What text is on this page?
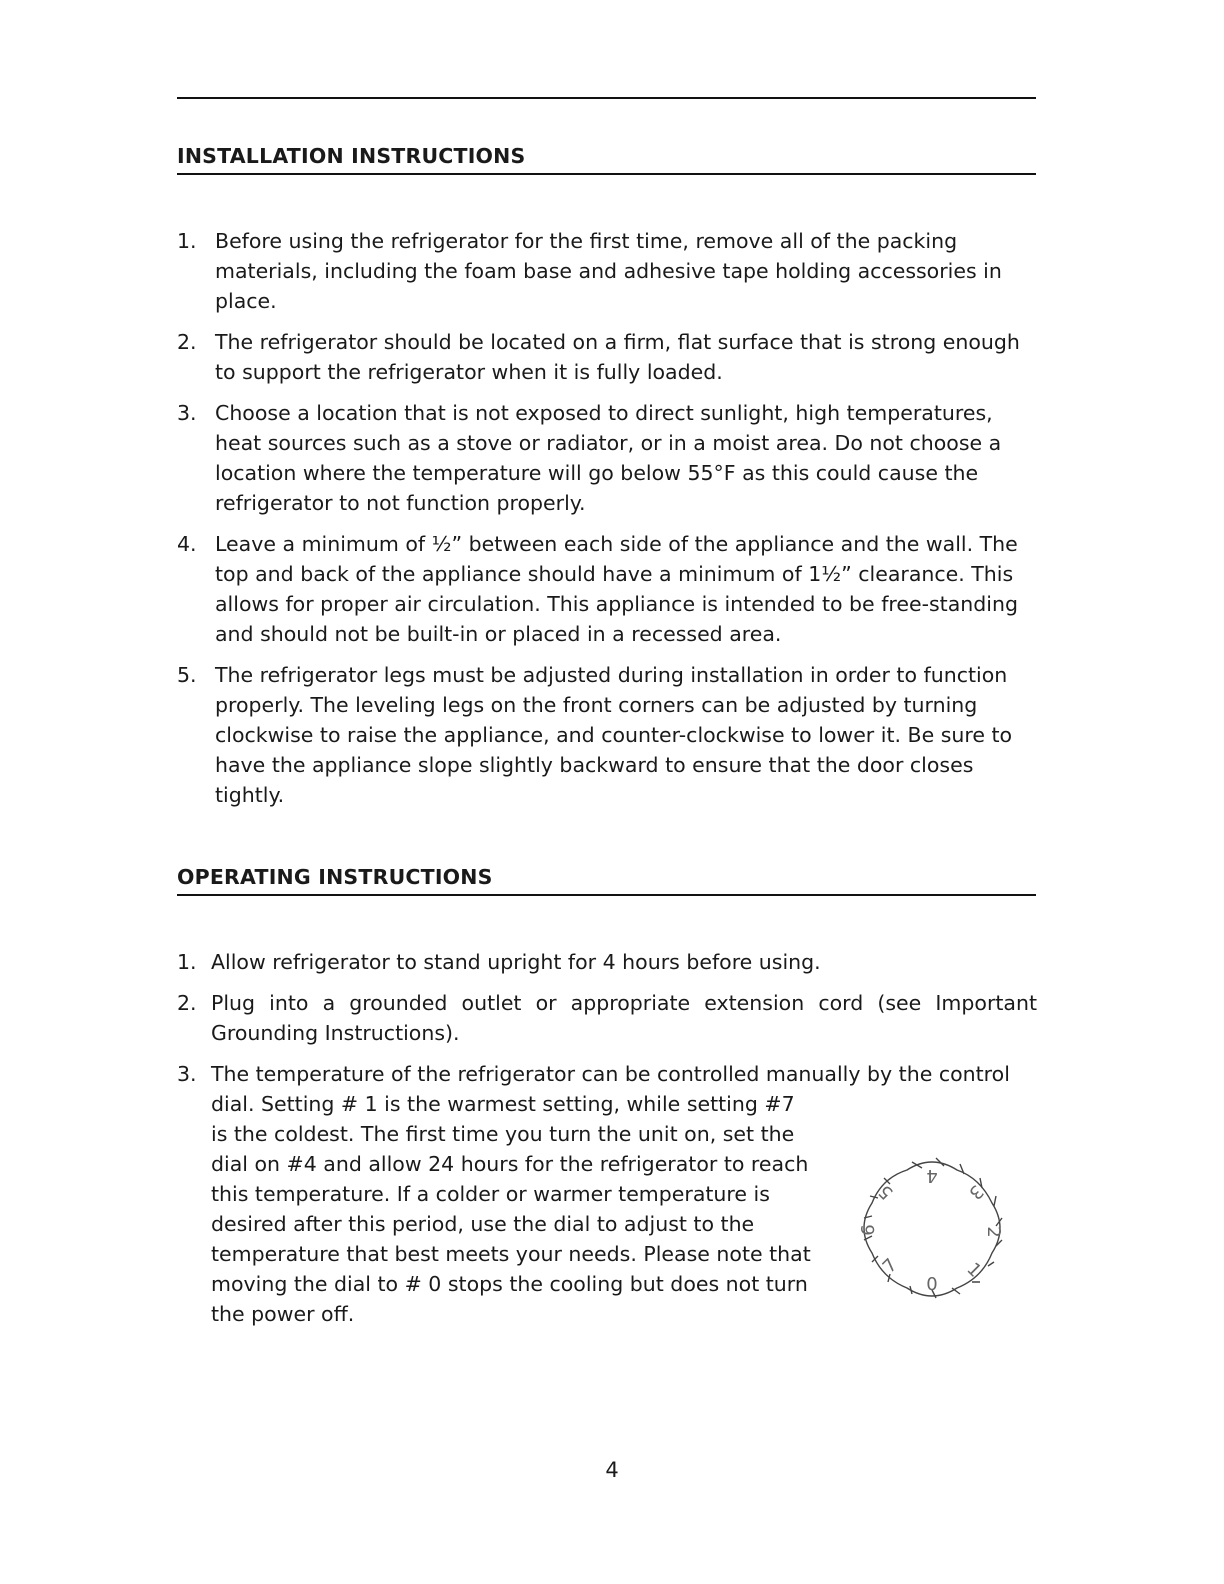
INSTALLATION INSTRUCTIONS
1. Before using the refrigerator for the first time, remove all of the packing materials, including the foam base and adhesive tape holding accessories in place.
2. The refrigerator should be located on a firm, flat surface that is strong enough to support the refrigerator when it is fully loaded.
3. Choose a location that is not exposed to direct sunlight, high temperatures, heat sources such as a stove or radiator, or in a moist area. Do not choose a location where the temperature will go below 55°F as this could cause the refrigerator to not function properly.
4. Leave a minimum of ½” between each side of the appliance and the wall. The top and back of the appliance should have a minimum of 1½” clearance. This allows for proper air circulation. This appliance is intended to be free-standing and should not be built-in or placed in a recessed area.
5. The refrigerator legs must be adjusted during installation in order to function properly. The leveling legs on the front corners can be adjusted by turning clockwise to raise the appliance, and counter-clockwise to lower it. Be sure to have the appliance slope slightly backward to ensure that the door closes tightly.
OPERATING INSTRUCTIONS
1. Allow refrigerator to stand upright for 4 hours before using.
2. Plug into a grounded outlet or appropriate extension cord (see Important Grounding Instructions).
3. The temperature of the refrigerator can be controlled manually by the control
dial. Setting # 1 is the warmest setting, while setting #7 is the coldest. The first time you turn the unit on, set the dial on #4 and allow 24 hours for the refrigerator to reach this temperature. If a colder or warmer temperature is desired after this period, use the dial to adjust to the temperature that best meets your needs. Please note that moving the dial to # 0 stops the cooling but does not turn the power off.
0
1
2
3
4
5
6
7
4
